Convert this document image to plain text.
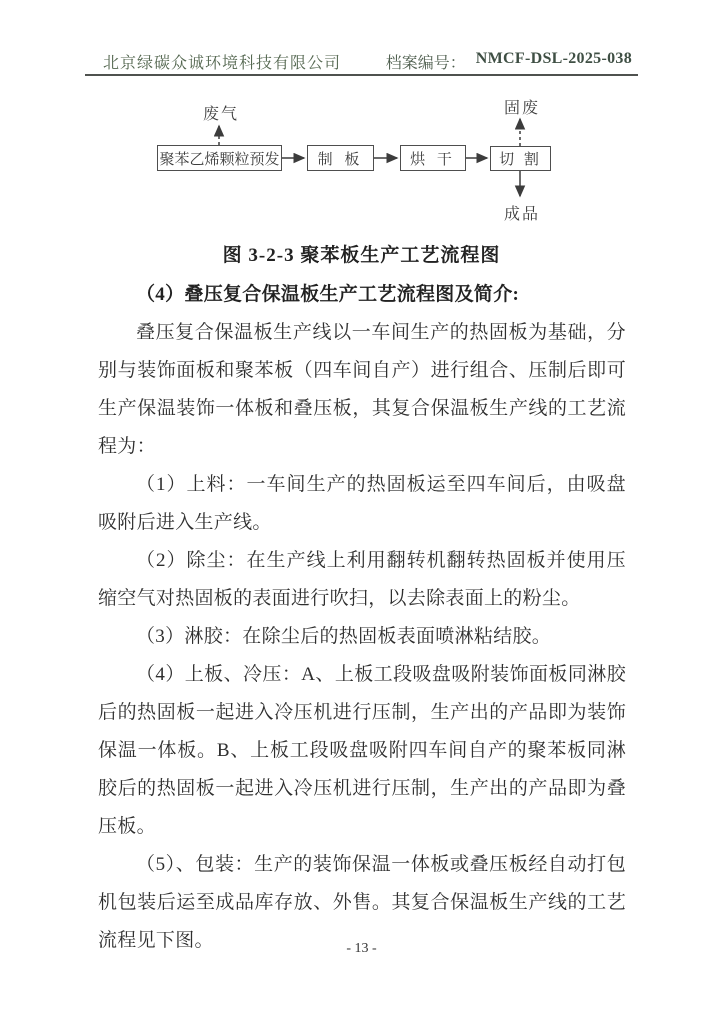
北京绿碳众诚环境科技有限公司	档案编号： NMCF-DSL-2025-038
废气	固废
成品
聚苯乙烯颗粒预发	制 板	烘 干	切 割
图 3-2-3 聚苯板生产工艺流程图

（4）叠压复合保温板生产工艺流程图及简介:

叠压复合保温板生产线以一车间生产的热固板为基础，分别与装饰面板和聚苯板（四车间自产）进行组合、压制后即可生产保温装饰一体板和叠压板，其复合保温板生产线的工艺流程为：

（1）上料：一车间生产的热固板运至四车间后，由吸盘吸附后进入生产线。

（2）除尘：在生产线上利用翻转机翻转热固板并使用压缩空气对热固板的表面进行吹扫，以去除表面上的粉尘。

（3）淋胶：在除尘后的热固板表面喷淋粘结胶。

（4）上板、冷压：A、上板工段吸盘吸附装饰面板同淋胶后的热固板一起进入冷压机进行压制，生产出的产品即为装饰保温一体板。B、上板工段吸盘吸附四车间自产的聚苯板同淋胶后的热固板一起进入冷压机进行压制，生产出的产品即为叠压板。

（5）、包装：生产的装饰保温一体板或叠压板经自动打包机包装后运至成品库存放、外售。其复合保温板生产线的工艺流程见下图。	- 13 -
